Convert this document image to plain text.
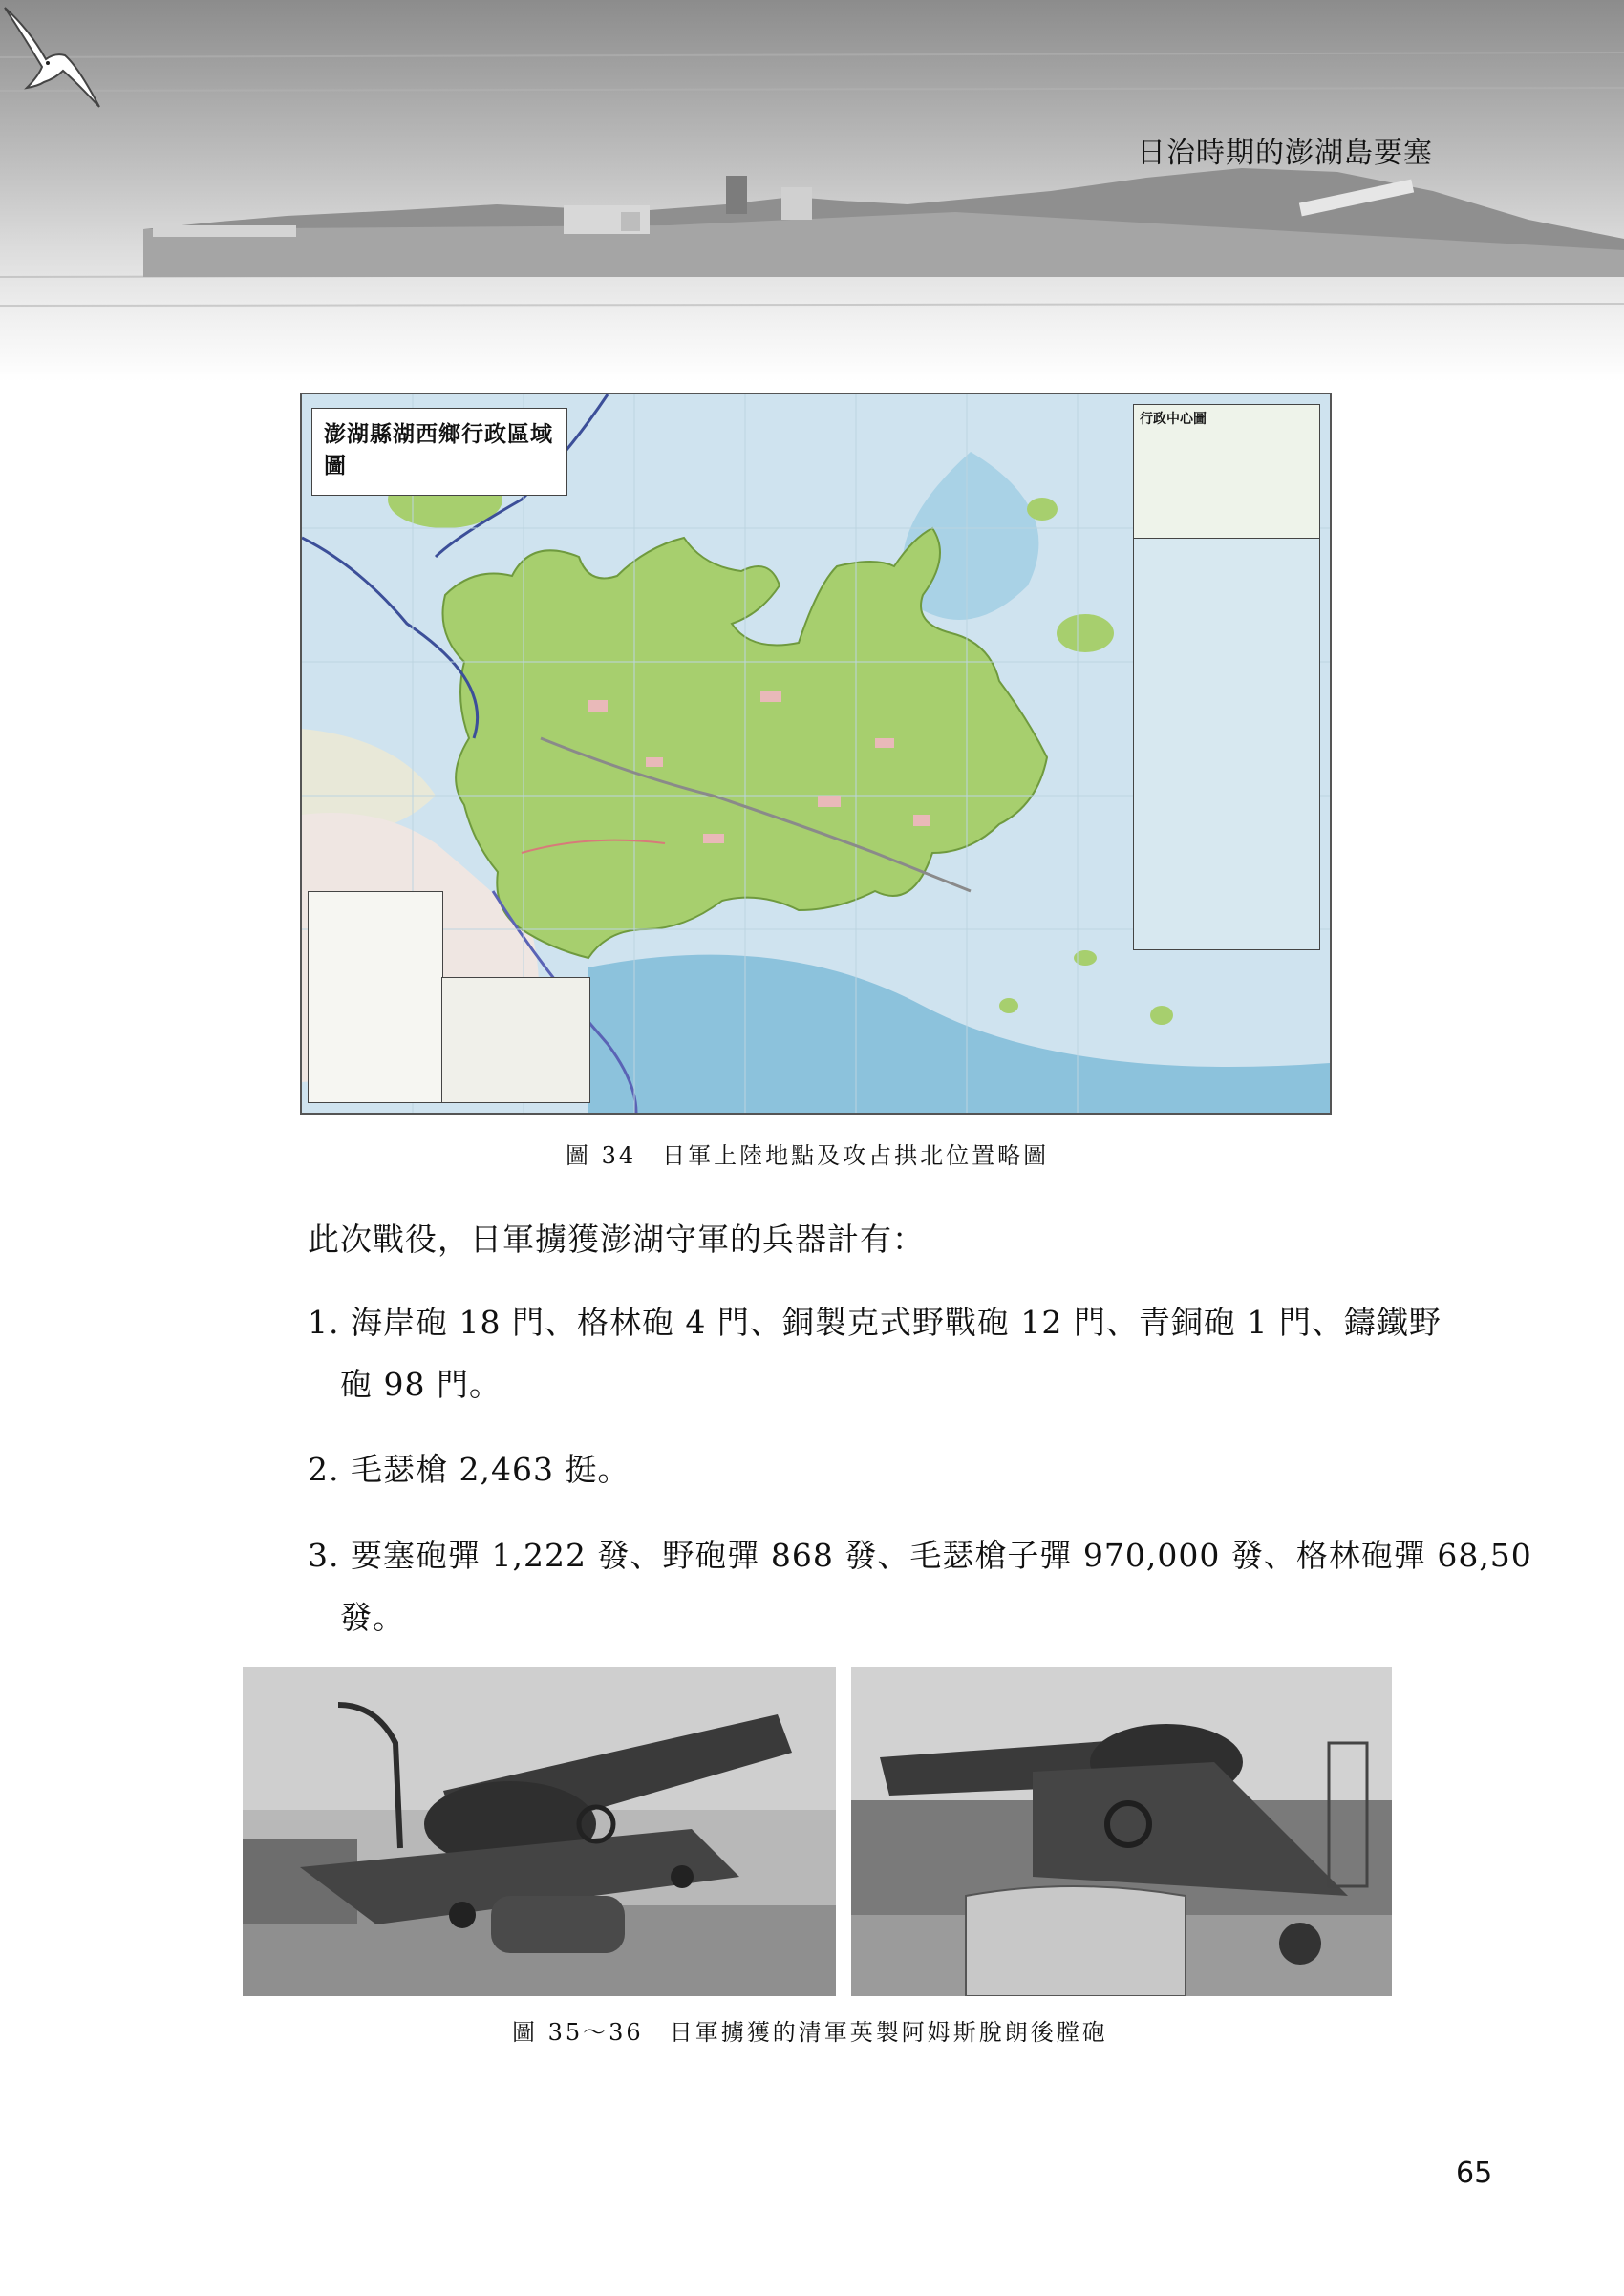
日治時期的澎湖島要塞
澎湖縣湖西鄉行政區域圖
行政中心圖
圖 34　日軍上陸地點及攻占拱北位置略圖
此次戰役，日軍擄獲澎湖守軍的兵器計有：
1. 海岸砲 18 門、格林砲 4 門、銅製克式野戰砲 12 門、青銅砲 1 門、鑄鐵野
砲 98 門。
2. 毛瑟槍 2,463 挺。
3. 要塞砲彈 1,222 發、野砲彈 868 發、毛瑟槍子彈 970,000 發、格林砲彈 68,50
發。
圖 35～36　日軍擄獲的清軍英製阿姆斯脫朗後膛砲
65
